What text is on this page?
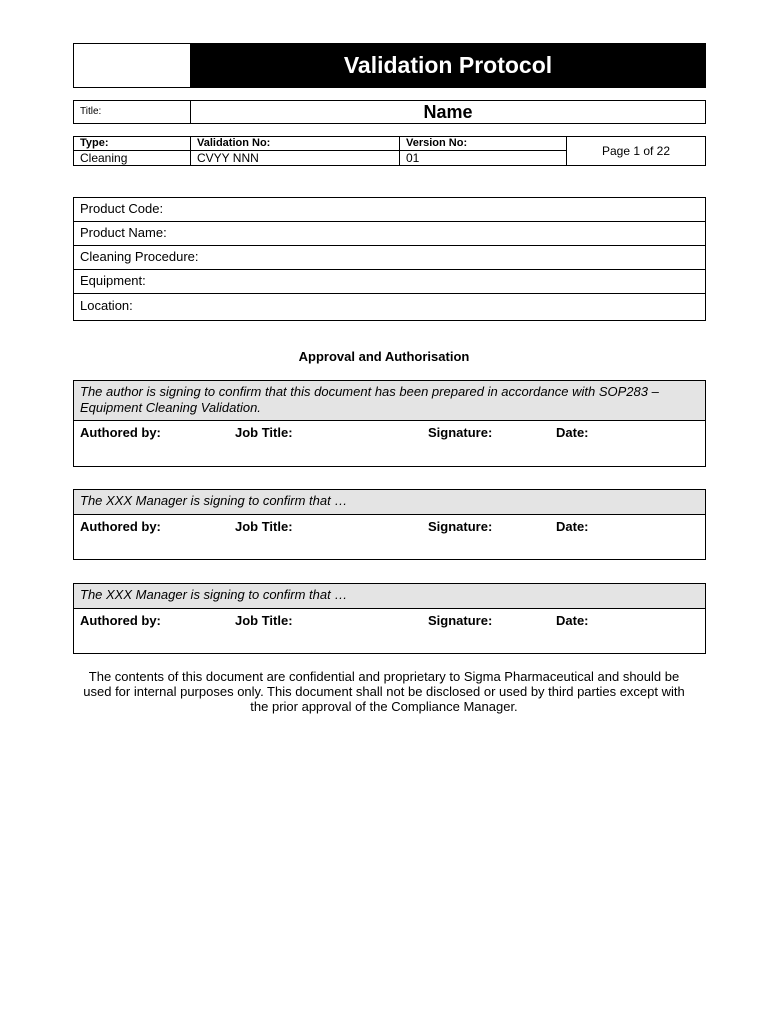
Validation Protocol
Title:	Name
Type:
Cleaning
Validation No:
CVYY NNN
Version No:
01	Page 1 of 22
Product Code:
Product Name:
Cleaning Procedure:
Equipment:
Location:
Approval and Authorisation
The author is signing to confirm that this document has been prepared in accordance with SOP283 – Equipment Cleaning Validation.
Authored by:	Job Title:	Signature:	Date:
The XXX Manager is signing to confirm that …
Authored by:	Job Title:	Signature:	Date:
The XXX Manager is signing to confirm that …
Authored by:	Job Title:	Signature:	Date:
The contents of this document are confidential and proprietary to Sigma Pharmaceutical and should be used for internal purposes only. This document shall not be disclosed or used by third parties except with the prior approval of the Compliance Manager.
